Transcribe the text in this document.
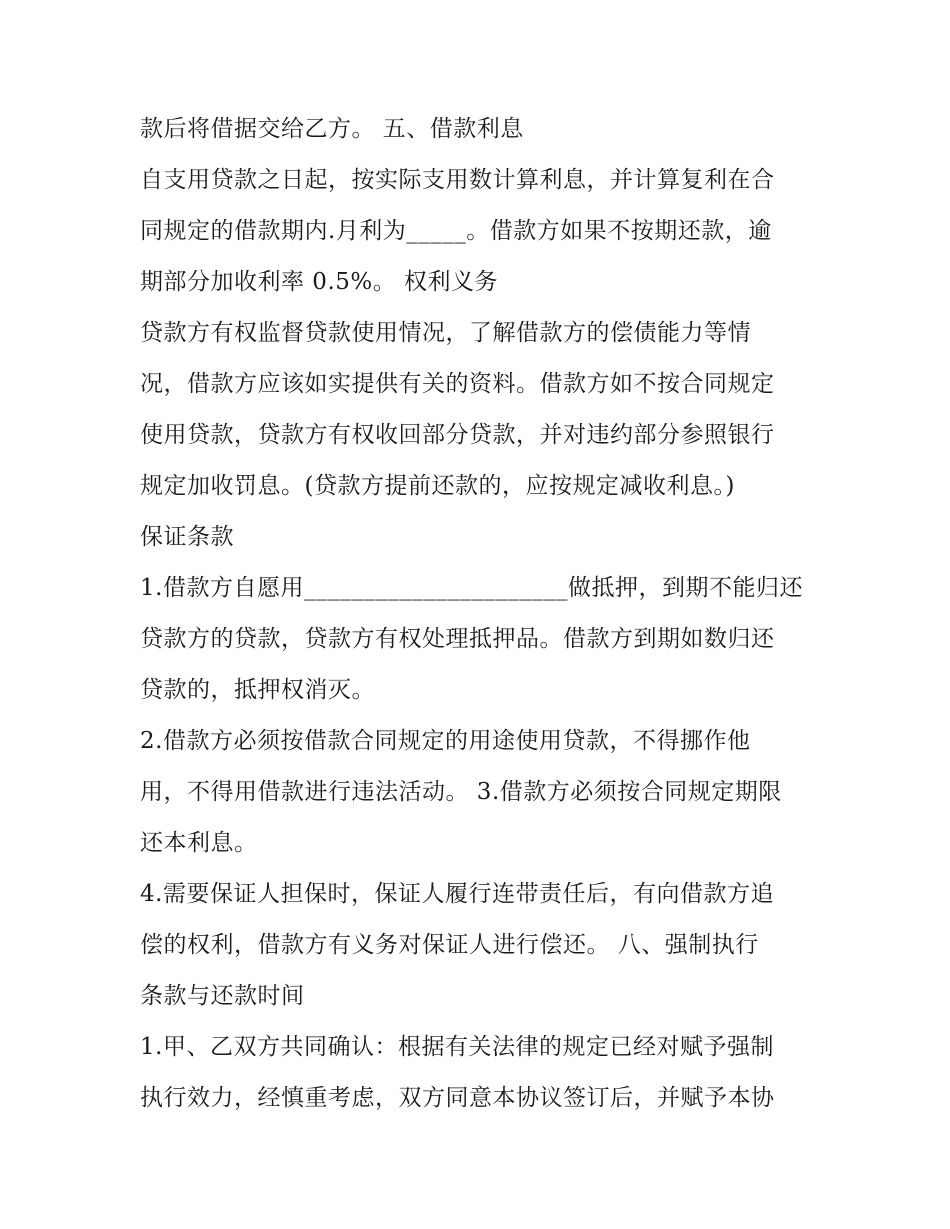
款后将借据交给乙方。 五、借款利息
自支用贷款之日起，按实际支用数计算利息，并计算复利在合
同规定的借款期内.月利为_____。借款方如果不按期还款，逾
期部分加收利率 0.5%。 权利义务
贷款方有权监督贷款使用情况，了解借款方的偿债能力等情
况，借款方应该如实提供有关的资料。借款方如不按合同规定
使用贷款，贷款方有权收回部分贷款，并对违约部分参照银行
规定加收罚息。(贷款方提前还款的，应按规定减收利息。)
保证条款
1.借款方自愿用______________________做抵押，到期不能归还
贷款方的贷款，贷款方有权处理抵押品。借款方到期如数归还
贷款的，抵押权消灭。
2.借款方必须按借款合同规定的用途使用贷款，不得挪作他
用，不得用借款进行违法活动。 3.借款方必须按合同规定期限
还本利息。
4.需要保证人担保时，保证人履行连带责任后，有向借款方追
偿的权利，借款方有义务对保证人进行偿还。 八、强制执行
条款与还款时间
1.甲、乙双方共同确认：根据有关法律的规定已经对赋予强制
执行效力，经慎重考虑，双方同意本协议签订后，并赋予本协
